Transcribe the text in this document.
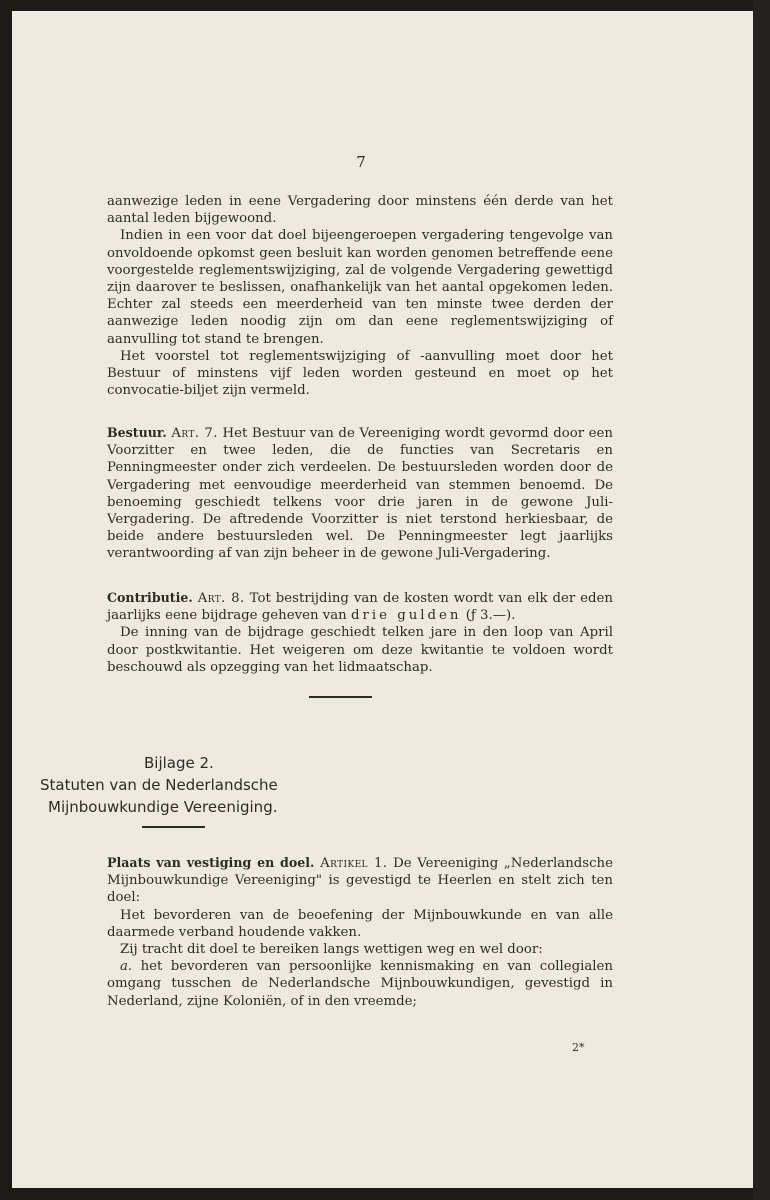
7

aanwezige leden in eene Vergadering door minstens één derde van het aantal leden bijgewoond.

Indien in een voor dat doel bijeengeroepen vergadering tengevolge van onvoldoende opkomst geen besluit kan worden genomen betreffende eene voorgestelde reglementswijziging, zal de volgende Vergadering gewettigd zijn daarover te beslissen, onafhankelijk van het aantal opgekomen leden. Echter zal steeds een meerderheid van ten minste twee derden der aanwezige leden noodig zijn om dan eene reglementswijziging of aanvulling tot stand te brengen.

Het voorstel tot reglementswijziging of -aanvulling moet door het Bestuur of minstens vijf leden worden gesteund en moet op het convocatie-biljet zijn vermeld.

Bestuur. Art. 7. Het Bestuur van de Vereeniging wordt gevormd door een Voorzitter en twee leden, die de functies van Secretaris en Penningmeester onder zich verdeelen. De bestuursleden worden door de Vergadering met eenvoudige meerderheid van stemmen benoemd. De benoeming geschiedt telkens voor drie jaren in de gewone Juli-Vergadering. De aftredende Voorzitter is niet terstond herkiesbaar, de beide andere bestuursleden wel. De Penningmeester legt jaarlijks verantwoording af van zijn beheer in de gewone Juli-Vergadering.

Contributie. Art. 8. Tot bestrijding van de kosten wordt van elk der eden jaarlijks eene bijdrage geheven van drie gulden (ƒ 3.—).

De inning van de bijdrage geschiedt telken jare in den loop van April door postkwitantie. Het weigeren om deze kwitantie te voldoen wordt beschouwd als opzegging van het lidmaatschap.

Bijlage 2.
Statuten van de Nederlandsche
Mijnbouwkundige Vereeniging.

Plaats van vestiging en doel. Artikel 1. De Vereeniging „Nederlandsche Mijnbouwkundige Vereeniging" is gevestigd te Heerlen en stelt zich ten doel:

Het bevorderen van de beoefening der Mijnbouwkunde en van alle daarmede verband houdende vakken.

Zij tracht dit doel te bereiken langs wettigen weg en wel door:

a. het bevorderen van persoonlijke kennismaking en van collegialen omgang tusschen de Nederlandsche Mijnbouwkundigen, gevestigd in Nederland, zijne Koloniën, of in den vreemde;

2*
